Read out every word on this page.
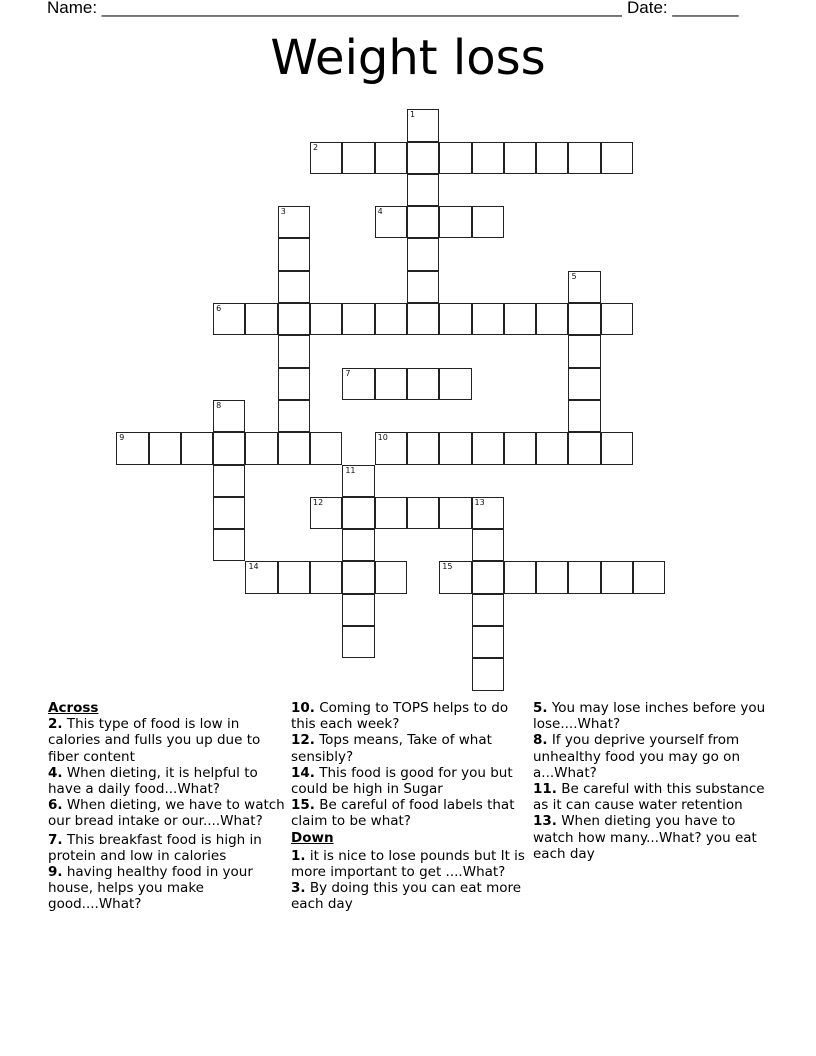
Name: _______________________________________________________ Date: _______
Weight loss
1
2
3	4
5
6
7
8
9	10
11
12	13
14	15
Across
2. This type of food is low in calories and fulls you up due to fiber content
4. When dieting, it is helpful to have a daily food...What?
6. When dieting, we have to watch our bread intake or our....What?
7. This breakfast food is high in protein and low in calories
9. having healthy food in your house, helps you make good....What?
10. Coming to TOPS helps to do this each week?
12. Tops means, Take of what sensibly?
14. This food is good for you but could be high in Sugar
15. Be careful of food labels that claim to be what?
Down
1. it is nice to lose pounds but It is more important to get ....What?
3. By doing this you can eat more each day
5. You may lose inches before you lose....What?
8. If you deprive yourself from unhealthy food you may go on a...What?
11. Be careful with this substance as it can cause water retention
13. When dieting you have to watch how many...What? you eat each day
